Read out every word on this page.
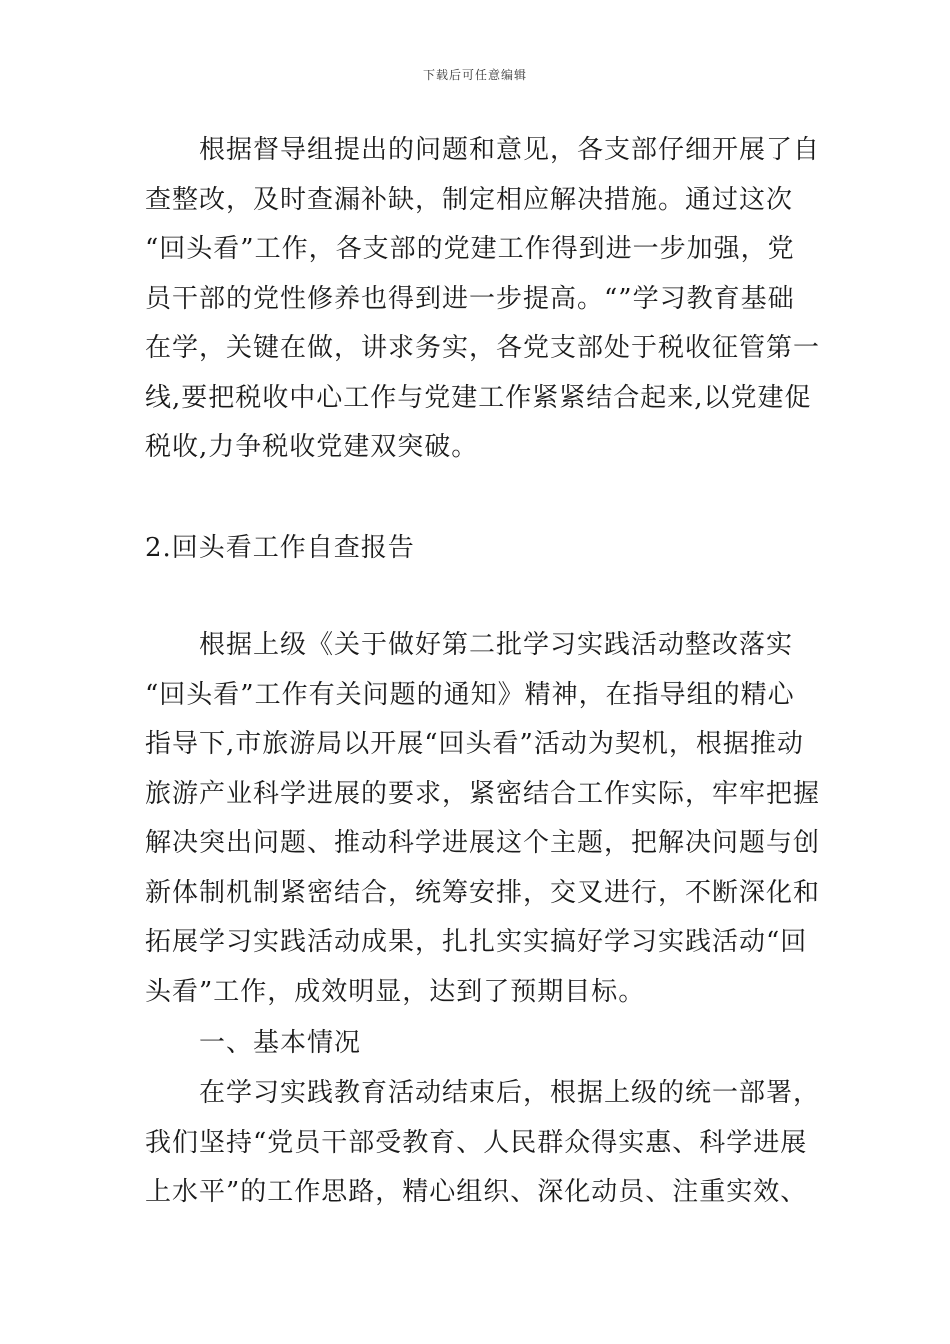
下载后可任意编辑
根据督导组提出的问题和意见，各支部仔细开展了自
查整改，及时查漏补缺，制定相应解决措施。通过这次
“回头看”工作，各支部的党建工作得到进一步加强，党
员干部的党性修养也得到进一步提高。“”学习教育基础
在学，关键在做，讲求务实，各党支部处于税收征管第一
线,要把税收中心工作与党建工作紧紧结合起来,以党建促
税收,力争税收党建双突破。
2.回头看工作自查报告
根据上级《关于做好第二批学习实践活动整改落实
“回头看”工作有关问题的通知》精神，在指导组的精心
指导下,市旅游局以开展“回头看”活动为契机，根据推动
旅游产业科学进展的要求，紧密结合工作实际，牢牢把握
解决突出问题、推动科学进展这个主题，把解决问题与创
新体制机制紧密结合，统筹安排，交叉进行，不断深化和
拓展学习实践活动成果，扎扎实实搞好学习实践活动“回
头看”工作，成效明显，达到了预期目标。
一、基本情况
在学习实践教育活动结束后，根据上级的统一部署，
我们坚持“党员干部受教育、人民群众得实惠、科学进展
上水平”的工作思路，精心组织、深化动员、注重实效、
